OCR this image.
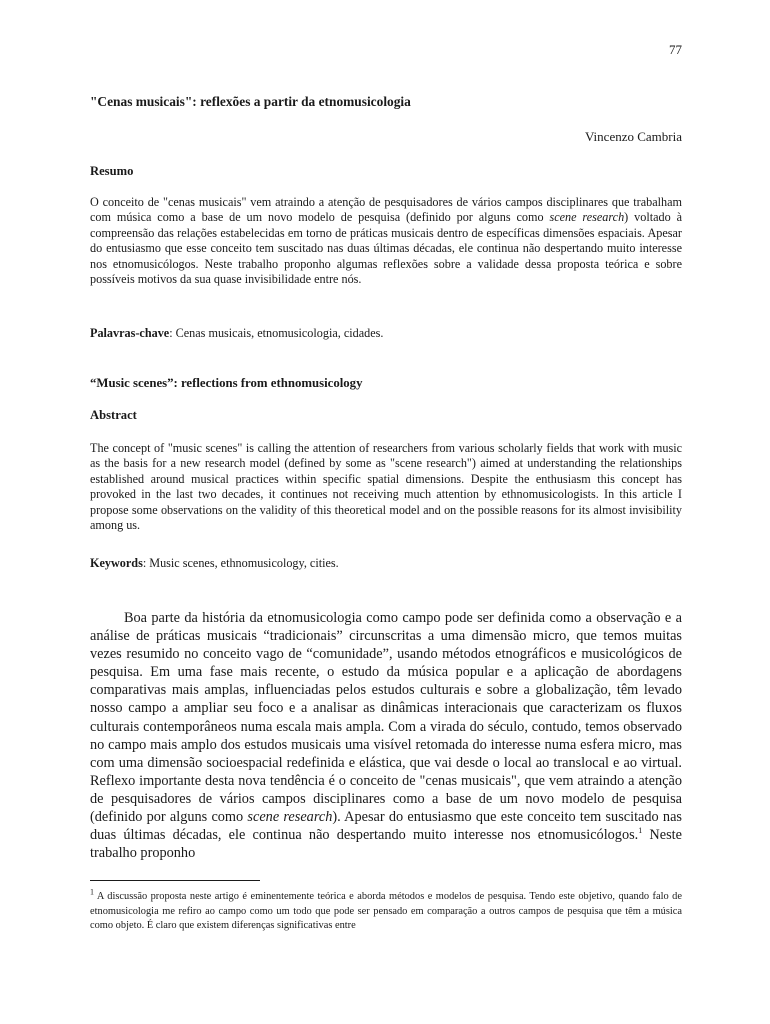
77
"Cenas musicais": reflexões a partir da etnomusicologia
Vincenzo Cambria
Resumo
O conceito de "cenas musicais" vem atraindo a atenção de pesquisadores de vários campos disciplinares que trabalham com música como a base de um novo modelo de pesquisa (definido por alguns como scene research) voltado à compreensão das relações estabelecidas em torno de práticas musicais dentro de específicas dimensões espaciais. Apesar do entusiasmo que esse conceito tem suscitado nas duas últimas décadas, ele continua não despertando muito interesse nos etnomusicólogos. Neste trabalho proponho algumas reflexões sobre a validade dessa proposta teórica e sobre possíveis motivos da sua quase invisibilidade entre nós.
Palavras-chave: Cenas musicais, etnomusicologia, cidades.
“Music scenes”: reflections from ethnomusicology
Abstract
The concept of "music scenes" is calling the attention of researchers from various scholarly fields that work with music as the basis for a new research model (defined by some as "scene research") aimed at understanding the relationships established around musical practices within specific spatial dimensions. Despite the enthusiasm this concept has provoked in the last two decades, it continues not receiving much attention by ethnomusicologists. In this article I propose some observations on the validity of this theoretical model and on the possible reasons for its almost invisibility among us.
Keywords: Music scenes, ethnomusicology, cities.
Boa parte da história da etnomusicologia como campo pode ser definida como a observação e a análise de práticas musicais “tradicionais” circunscritas a uma dimensão micro, que temos muitas vezes resumido no conceito vago de “comunidade”, usando métodos etnográficos e musicológicos de pesquisa. Em uma fase mais recente, o estudo da música popular e a aplicação de abordagens comparativas mais amplas, influenciadas pelos estudos culturais e sobre a globalização, têm levado nosso campo a ampliar seu foco e a analisar as dinâmicas interacionais que caracterizam os fluxos culturais contemporâneos numa escala mais ampla. Com a virada do século, contudo, temos observado no campo mais amplo dos estudos musicais uma visível retomada do interesse numa esfera micro, mas com uma dimensão socioespacial redefinida e elástica, que vai desde o local ao translocal e ao virtual. Reflexo importante desta nova tendência é o conceito de "cenas musicais", que vem atraindo a atenção de pesquisadores de vários campos disciplinares como a base de um novo modelo de pesquisa (definido por alguns como scene research). Apesar do entusiasmo que este conceito tem suscitado nas duas últimas décadas, ele continua não despertando muito interesse nos etnomusicólogos.$^1$ Neste trabalho proponho
$^1$ A discussão proposta neste artigo é eminentemente teórica e aborda métodos e modelos de pesquisa. Tendo este objetivo, quando falo de etnomusicologia me refiro ao campo como um todo que pode ser pensado em comparação a outros campos de pesquisa que têm a música como objeto. É claro que existem diferenças significativas entre
